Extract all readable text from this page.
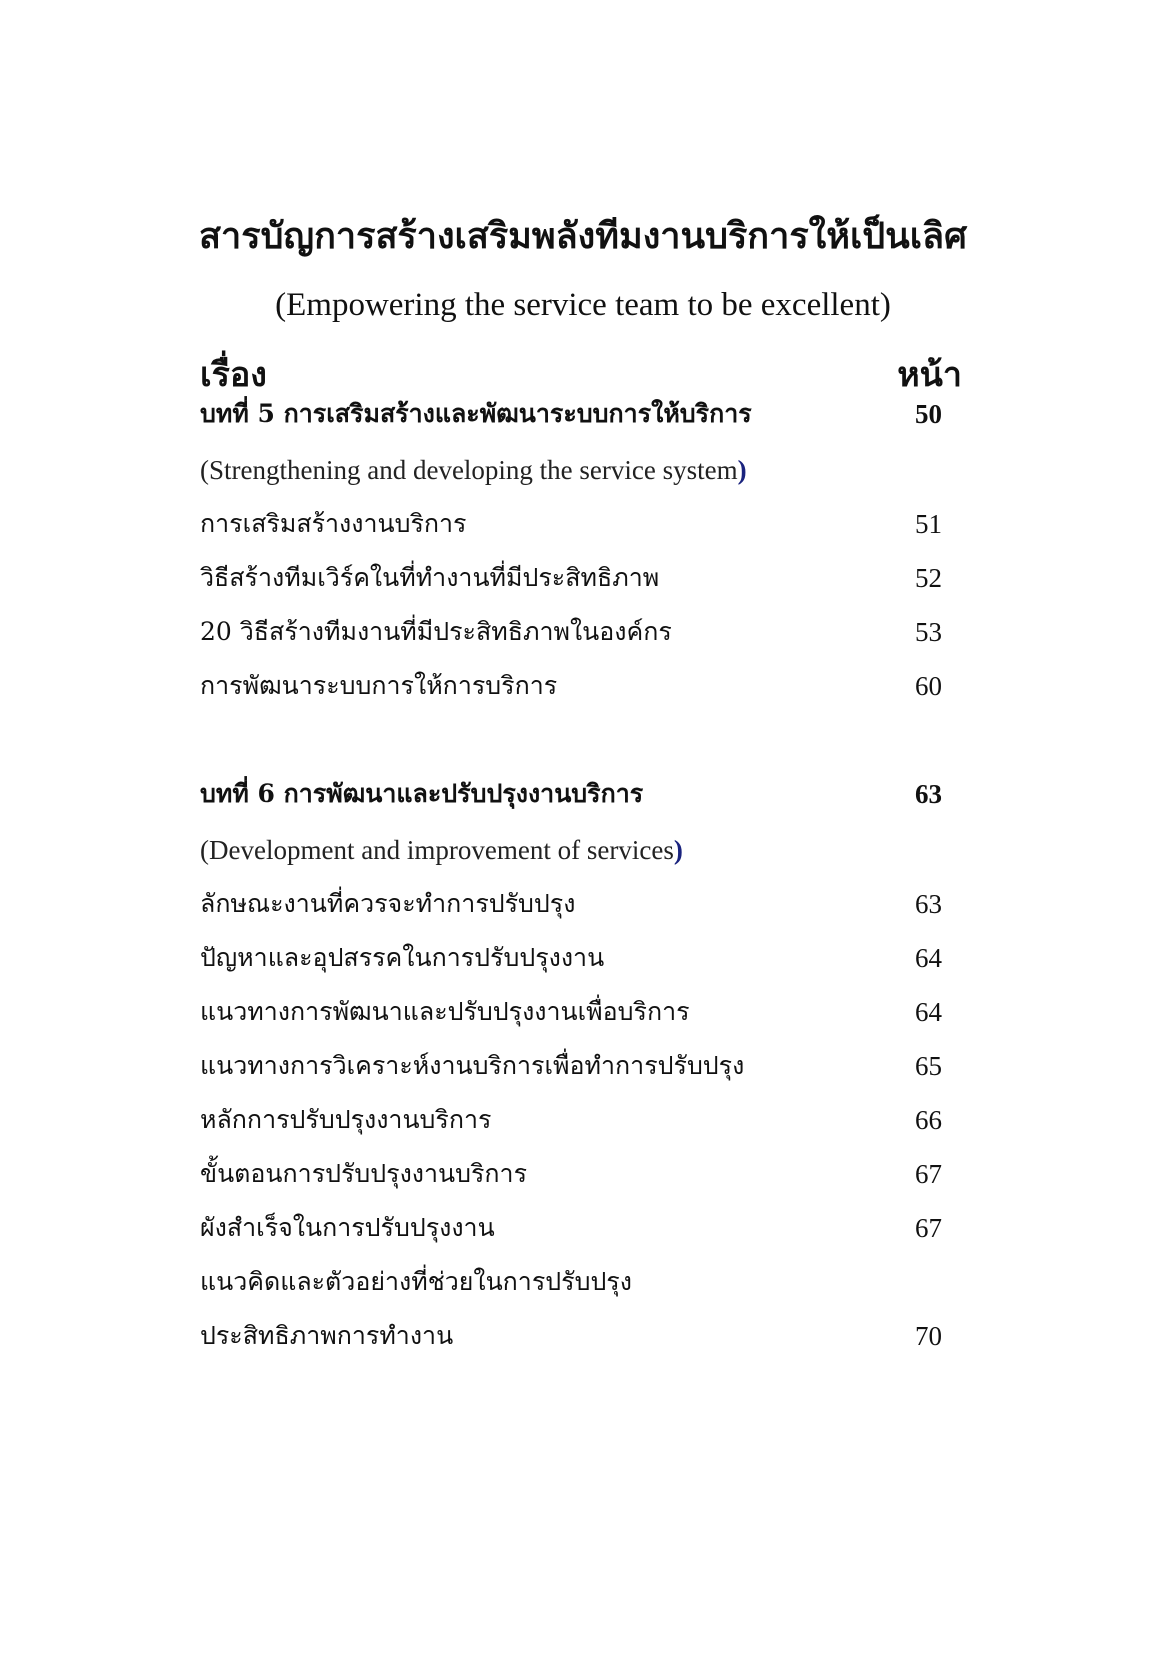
สารบัญการสร้างเสริมพลังทีมงานบริการให้เป็นเลิศ
(Empowering the service team to be excellent)
เรื่อง	หน้า
บทที่ 5 การเสริมสร้างและพัฒนาระบบการให้บริการ	50
(Strengthening and developing the service system)
การเสริมสร้างงานบริการ	51
วิธีสร้างทีมเวิร์คในที่ทำงานที่มีประสิทธิภาพ	52
20 วิธีสร้างทีมงานที่มีประสิทธิภาพในองค์กร	53
การพัฒนาระบบการให้การบริการ	60
บทที่ 6 การพัฒนาและปรับปรุงงานบริการ	63
(Development and improvement of services)
ลักษณะงานที่ควรจะทำการปรับปรุง	63
ปัญหาและอุปสรรคในการปรับปรุงงาน	64
แนวทางการพัฒนาและปรับปรุงงานเพื่อบริการ	64
แนวทางการวิเคราะห์งานบริการเพื่อทำการปรับปรุง	65
หลักการปรับปรุงงานบริการ	66
ขั้นตอนการปรับปรุงงานบริการ	67
ผังสำเร็จในการปรับปรุงงาน	67
แนวคิดและตัวอย่างที่ช่วยในการปรับปรุง
ประสิทธิภาพการทำงาน	70
